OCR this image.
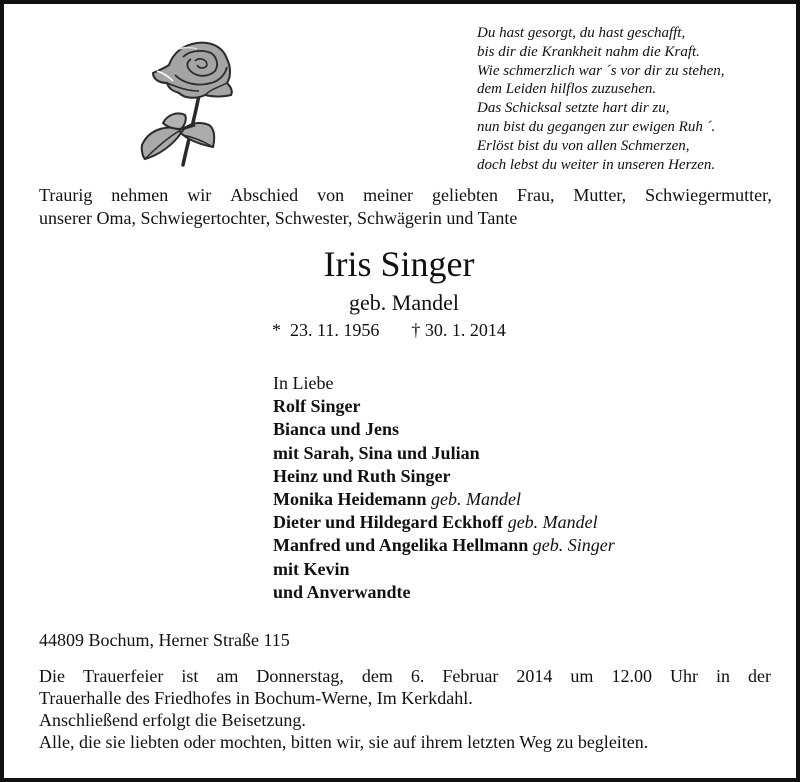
Du hast gesorgt, du hast geschafft,
bis dir die Krankheit nahm die Kraft.
Wie schmerzlich war ´s vor dir zu stehen,
dem Leiden hilflos zuzusehen.
Das Schicksal setzte hart dir zu,
nun bist du gegangen zur ewigen Ruh ´.
Erlöst bist du von allen Schmerzen,
doch lebst du weiter in unseren Herzen.
Traurig nehmen wir Abschied von meiner geliebten Frau, Mutter, Schwiegermutter,
unserer Oma, Schwiegertochter, Schwester, Schwägerin und Tante
Iris Singer
geb. Mandel
*  23. 11. 1956 † 30. 1. 2014
In Liebe
Rolf Singer
Bianca und Jens
mit Sarah, Sina und Julian
Heinz und Ruth Singer
Monika Heidemann geb. Mandel
Dieter und Hildegard Eckhoff geb. Mandel
Manfred und Angelika Hellmann geb. Singer
mit Kevin
und Anverwandte
44809 Bochum, Herner Straße 115
Die Trauerfeier ist am Donnerstag, dem 6. Februar 2014 um 12.00 Uhr in der
Trauerhalle des Friedhofes in Bochum-Werne, Im Kerkdahl.
Anschließend erfolgt die Beisetzung.
Alle, die sie liebten oder mochten, bitten wir, sie auf ihrem letzten Weg zu begleiten.
